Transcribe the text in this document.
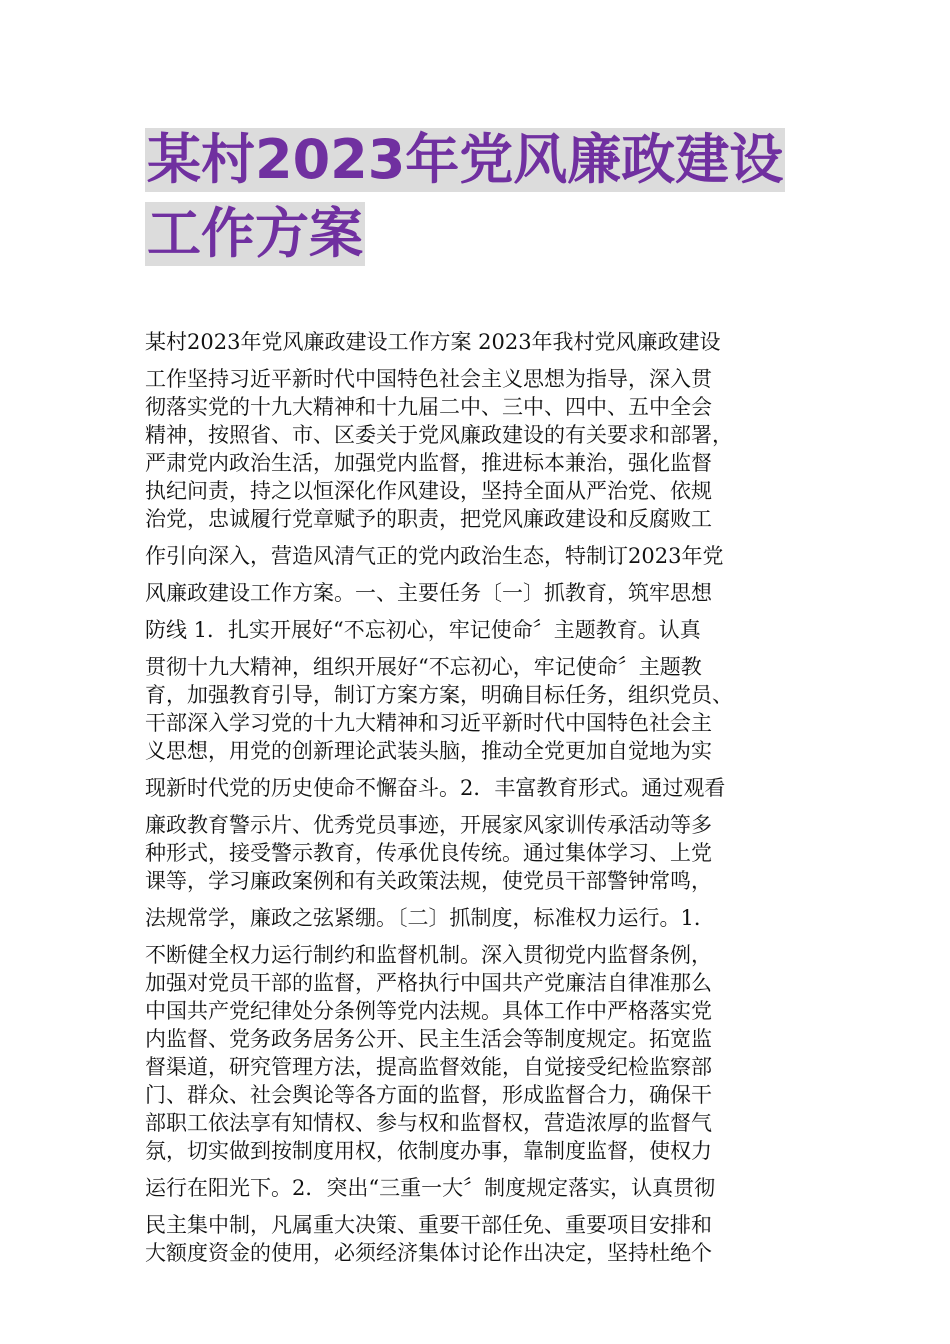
某村2023年党风廉政建设
工作方案
某村2023年党风廉政建设工作方案 2023年我村党风廉政建设
工作坚持习近平新时代中国特色社会主义思想为指导，深入贯
彻落实党的十九大精神和十九届二中、三中、四中、五中全会
精神，按照省、市、区委关于党风廉政建设的有关要求和部署，
严肃党内政治生活，加强党内监督，推进标本兼治，强化监督
执纪问责，持之以恒深化作风建设，坚持全面从严治党、依规
治党，忠诚履行党章赋予的职责，把党风廉政建设和反腐败工
作引向深入，营造风清气正的党内政治生态，特制订2023年党
风廉政建设工作方案。一、主要任务〔一〕抓教育，筑牢思想
防线 1．扎实开展好“不忘初心，牢记使命〞主题教育。认真
贯彻十九大精神，组织开展好“不忘初心，牢记使命〞主题教
育，加强教育引导，制订方案方案，明确目标任务，组织党员、
干部深入学习党的十九大精神和习近平新时代中国特色社会主
义思想，用党的创新理论武装头脑，推动全党更加自觉地为实
现新时代党的历史使命不懈奋斗。2．丰富教育形式。通过观看
廉政教育警示片、优秀党员事迹，开展家风家训传承活动等多
种形式，接受警示教育，传承优良传统。通过集体学习、上党
课等，学习廉政案例和有关政策法规，使党员干部警钟常鸣，
法规常学，廉政之弦紧绷。〔二〕抓制度，标准权力运行。1．
不断健全权力运行制约和监督机制。深入贯彻党内监督条例，
加强对党员干部的监督，严格执行中国共产党廉洁自律准那么
中国共产党纪律处分条例等党内法规。具体工作中严格落实党
内监督、党务政务居务公开、民主生活会等制度规定。拓宽监
督渠道，研究管理方法，提高监督效能，自觉接受纪检监察部
门、群众、社会舆论等各方面的监督，形成监督合力，确保干
部职工依法享有知情权、参与权和监督权，营造浓厚的监督气
氛，切实做到按制度用权，依制度办事，靠制度监督，使权力
运行在阳光下。2．突出“三重一大〞制度规定落实，认真贯彻
民主集中制，凡属重大决策、重要干部任免、重要项目安排和
大额度资金的使用，必须经济集体讨论作出决定，坚持杜绝个
